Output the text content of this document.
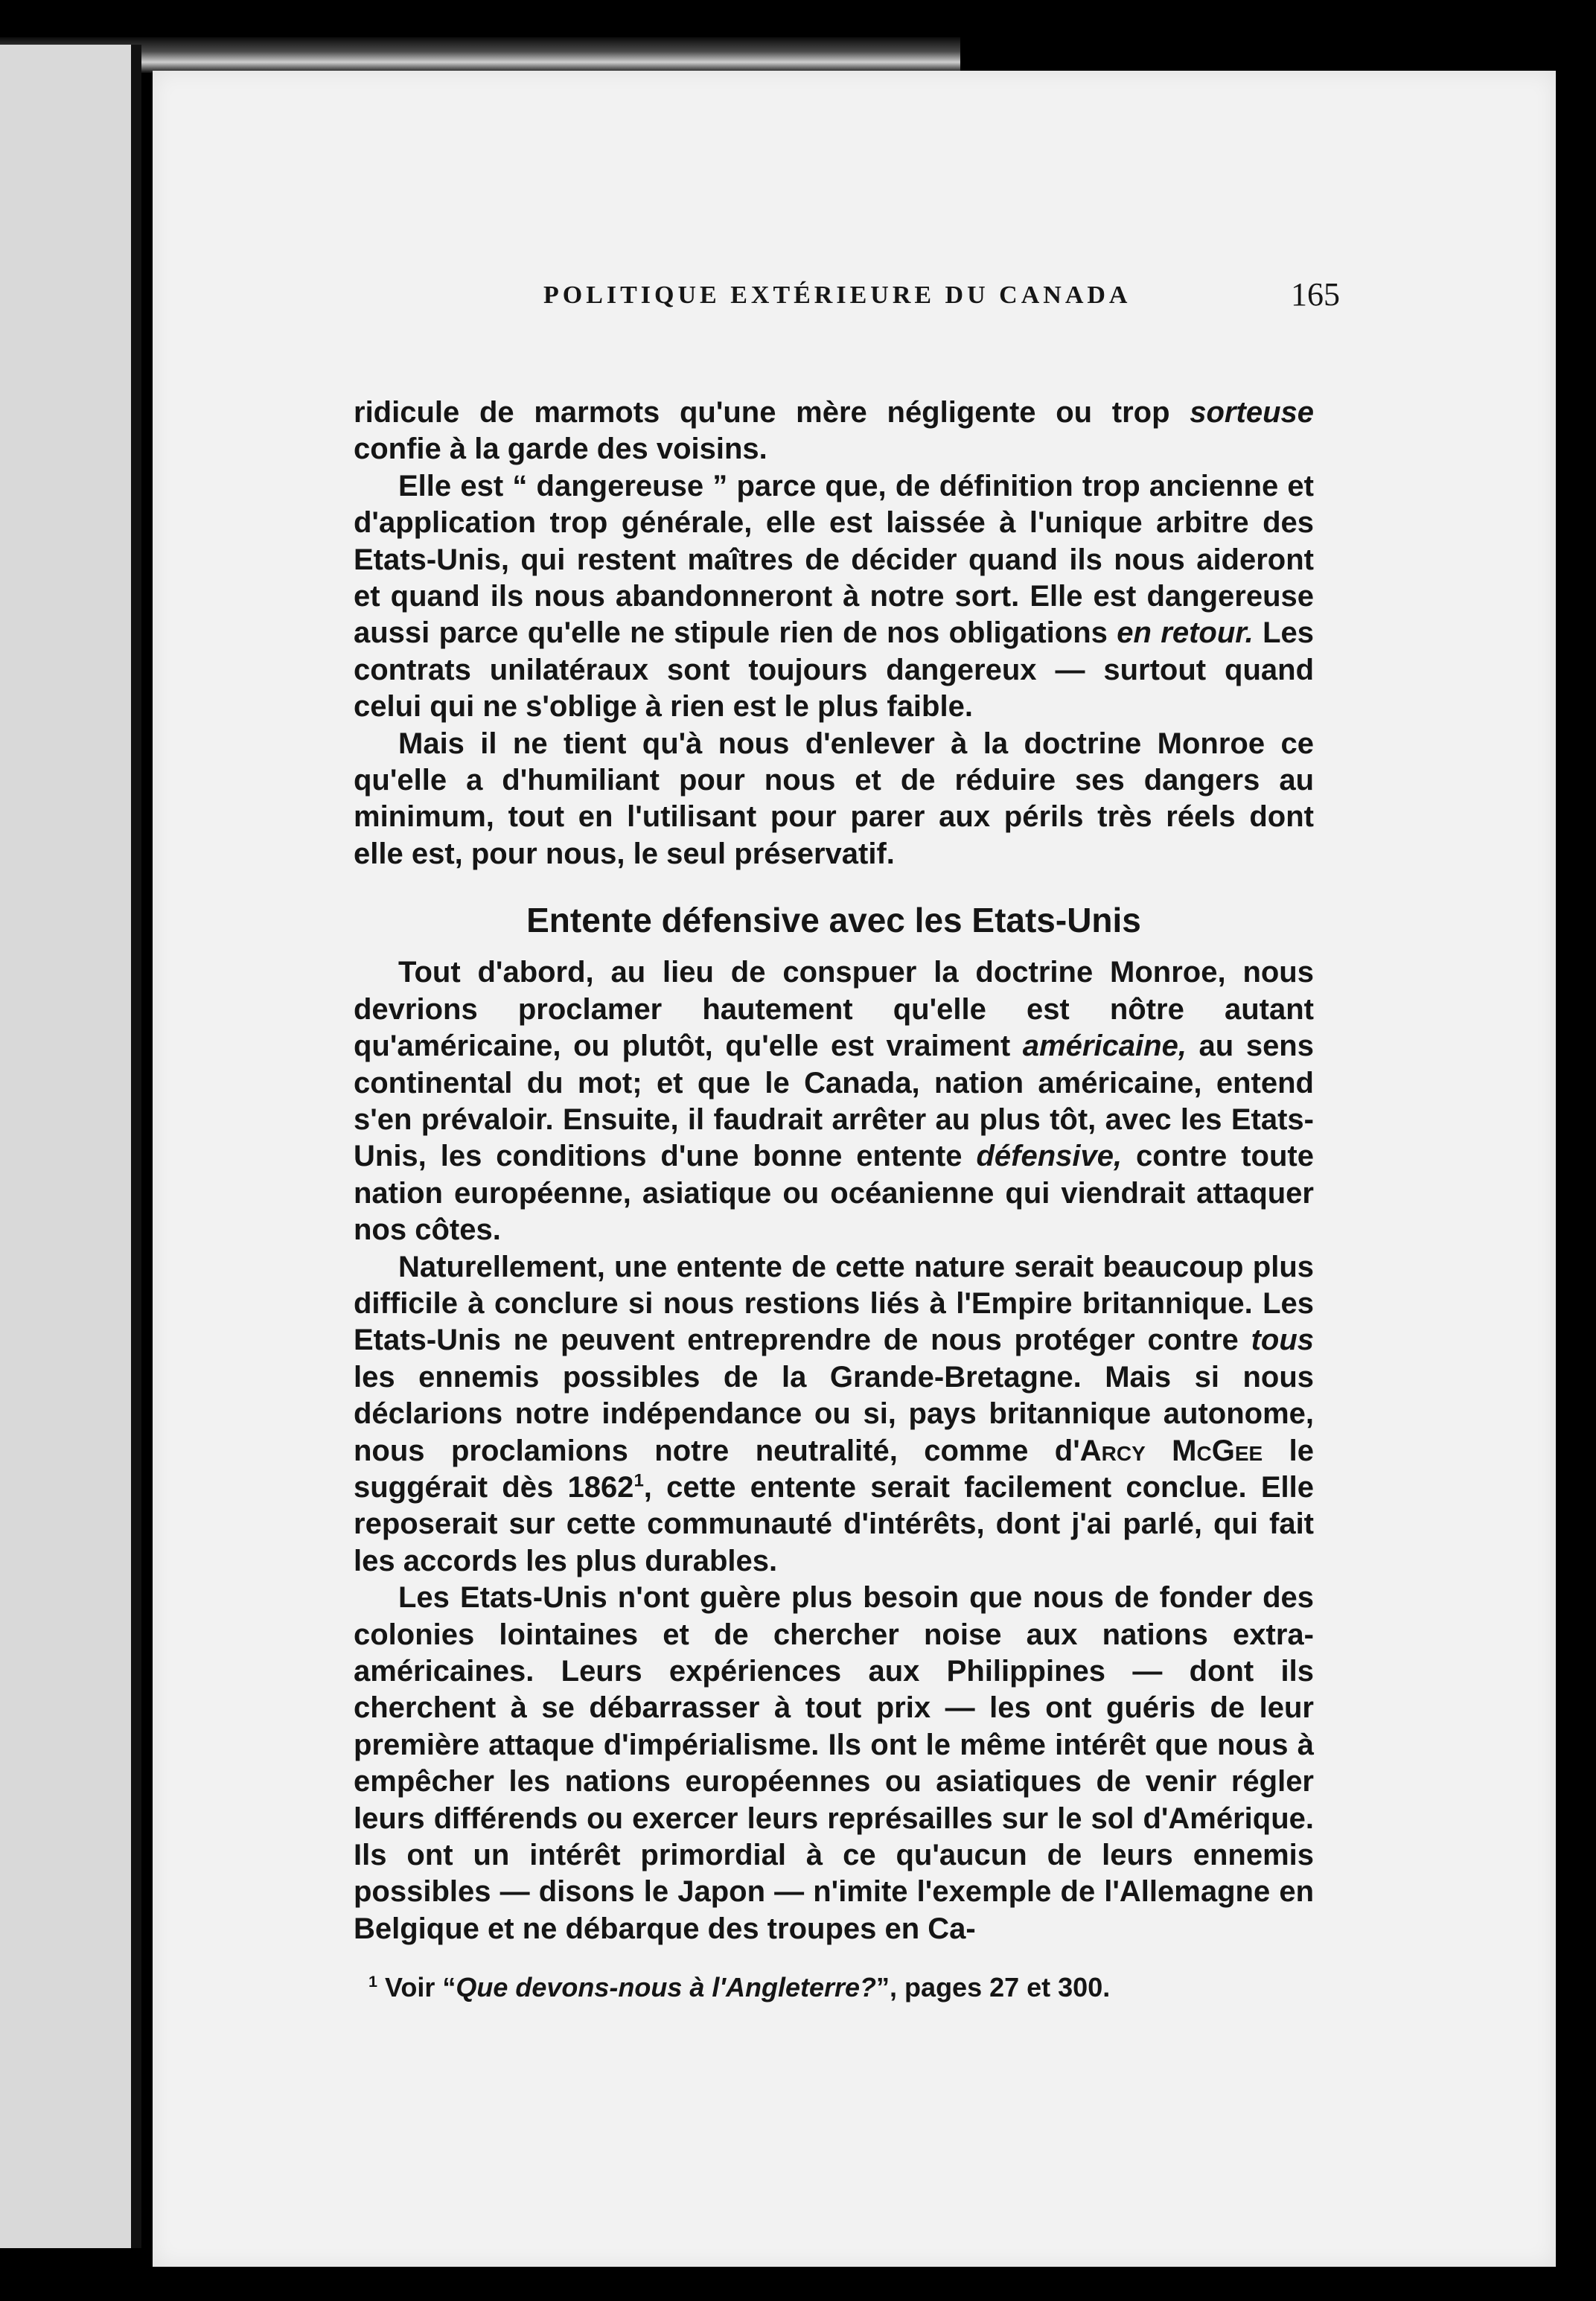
POLITIQUE EXTÉRIEURE DU CANADA	165

ridicule de marmots qu'une mère négligente ou trop sorteuse confie à la garde des voisins.

Elle est “ dangereuse ” parce que, de définition trop ancienne et d'application trop générale, elle est laissée à l'unique arbitre des Etats-Unis, qui restent maîtres de décider quand ils nous aideront et quand ils nous abandonneront à notre sort. Elle est dangereuse aussi parce qu'elle ne stipule rien de nos obligations en retour. Les contrats unilatéraux sont toujours dangereux — surtout quand celui qui ne s'oblige à rien est le plus faible.

Mais il ne tient qu'à nous d'enlever à la doctrine Monroe ce qu'elle a d'humiliant pour nous et de réduire ses dangers au minimum, tout en l'utilisant pour parer aux périls très réels dont elle est, pour nous, le seul préservatif.

Entente défensive avec les Etats-Unis

Tout d'abord, au lieu de conspuer la doctrine Monroe, nous devrions proclamer hautement qu'elle est nôtre autant qu'américaine, ou plutôt, qu'elle est vraiment américaine, au sens continental du mot; et que le Canada, nation américaine, entend s'en prévaloir. Ensuite, il faudrait arrêter au plus tôt, avec les Etats-Unis, les conditions d'une bonne entente défensive, contre toute nation européenne, asiatique ou océanienne qui viendrait attaquer nos côtes.

Naturellement, une entente de cette nature serait beaucoup plus difficile à conclure si nous restions liés à l'Empire britannique. Les Etats-Unis ne peuvent entreprendre de nous protéger contre tous les ennemis possibles de la Grande-Bretagne. Mais si nous déclarions notre indépendance ou si, pays britannique autonome, nous proclamions notre neutralité, comme d'Arcy McGee le suggérait dès 1862$^1$, cette entente serait facilement conclue. Elle reposerait sur cette communauté d'intérêts, dont j'ai parlé, qui fait les accords les plus durables.

Les Etats-Unis n'ont guère plus besoin que nous de fonder des colonies lointaines et de chercher noise aux nations extra-américaines. Leurs expériences aux Philippines — dont ils cherchent à se débarrasser à tout prix — les ont guéris de leur première attaque d'impérialisme. Ils ont le même intérêt que nous à empêcher les nations européennes ou asiatiques de venir régler leurs différends ou exercer leurs représailles sur le sol d'Amérique. Ils ont un intérêt primordial à ce qu'aucun de leurs ennemis possibles — disons le Japon — n'imite l'exemple de l'Allemagne en Belgique et ne débarque des troupes en Ca-

$^1$ Voir “Que devons-nous à l'Angleterre?”, pages 27 et 300.
